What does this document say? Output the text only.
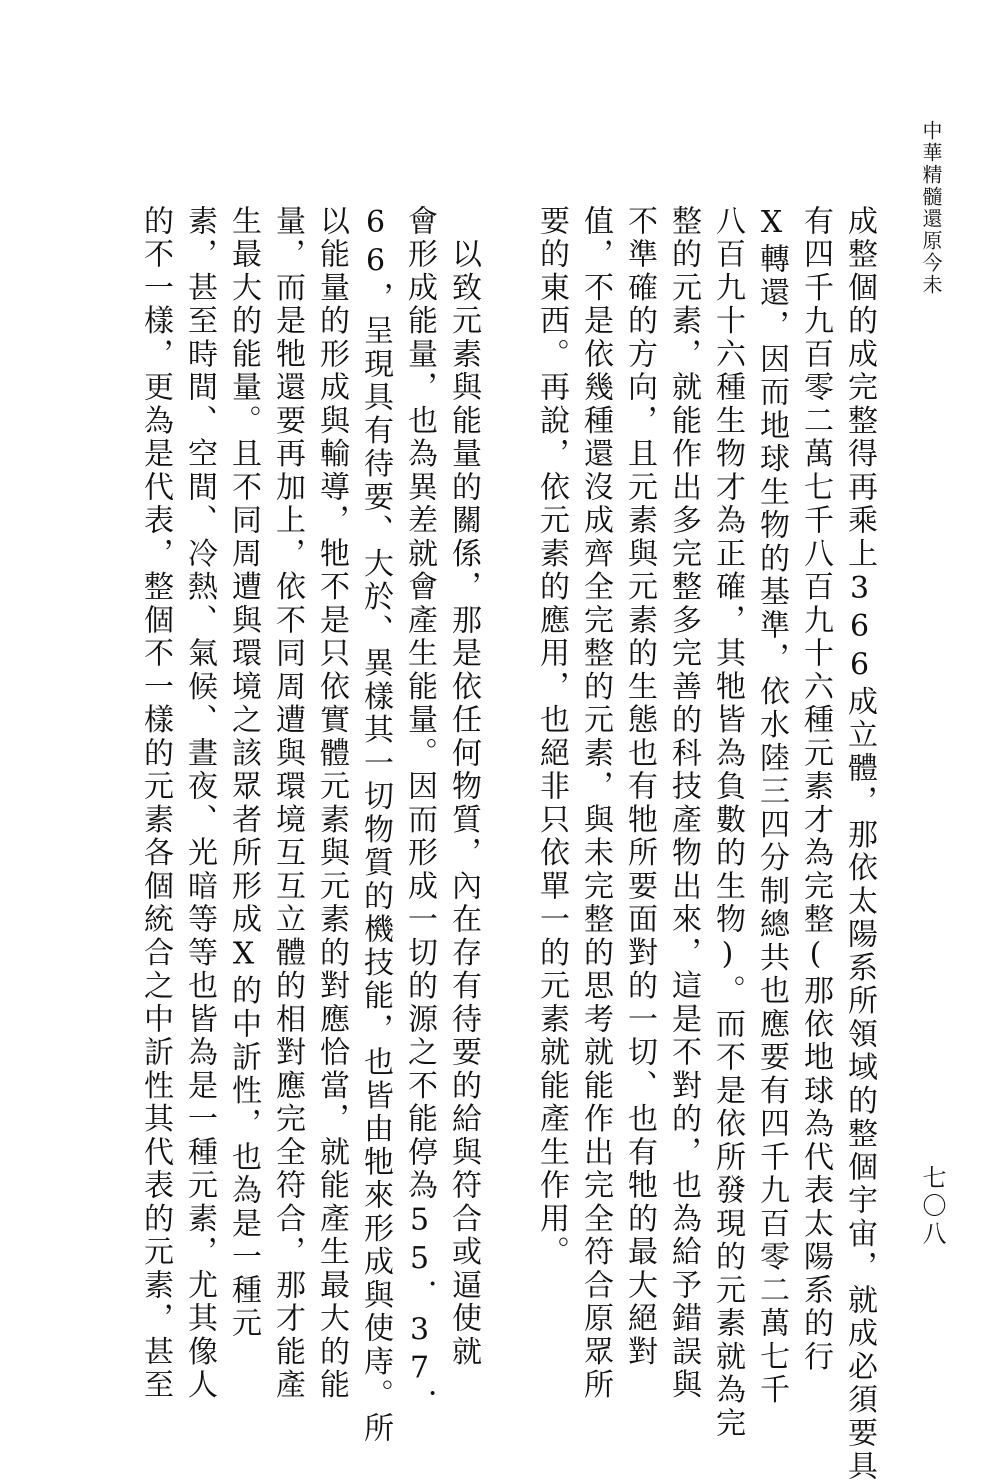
中華精髓還原今未
成整個的成完整得再乘上366成立體，那依太陽系所領域的整個宇宙，就成必須要具
有四千九百零二萬七千八百九十六種元素才為完整(那依地球為代表太陽系的行
X轉還，因而地球生物的基準，依水陸三四分制總共也應要有四千九百零二萬七千
八百九十六種生物才為正確，其牠皆為負數的生物)。而不是依所發現的元素就為完
整的元素，就能作出多完整多完善的科技產物出來，這是不對的，也為給予錯誤與
不準確的方向，且元素與元素的生態也有牠所要面對的一切、也有牠的最大絕對
值，不是依幾種還沒成齊全完整的元素，與未完整的思考就能作出完全符合原眾所
要的東西。再說，依元素的應用，也絕非只依單一的元素就能產生作用。
　以致元素與能量的關係，那是依任何物質，內在存有待要的給與符合或逼使就
會形成能量，也為異差就會產生能量。因而形成一切的源之不能停為55．37．
66，呈現具有待要、大於、異樣其一切物質的機技能，也皆由牠來形成與使庤。所
以能量的形成與輸導，牠不是只依實體元素與元素的對應恰當，就能產生最大的能
量，而是牠還要再加上，依不同周遭與環境互互立體的相對應完全符合，那才能產
生最大的能量。且不同周遭與環境之該眾者所形成X的中訢性，也為是一種元
素，甚至時間、空間、冷熱、氣候、晝夜、光暗等等也皆為是一種元素，尤其像人
的不一樣，更為是代表，整個不一樣的元素各個統合之中訢性其代表的元素，甚至	七〇八
